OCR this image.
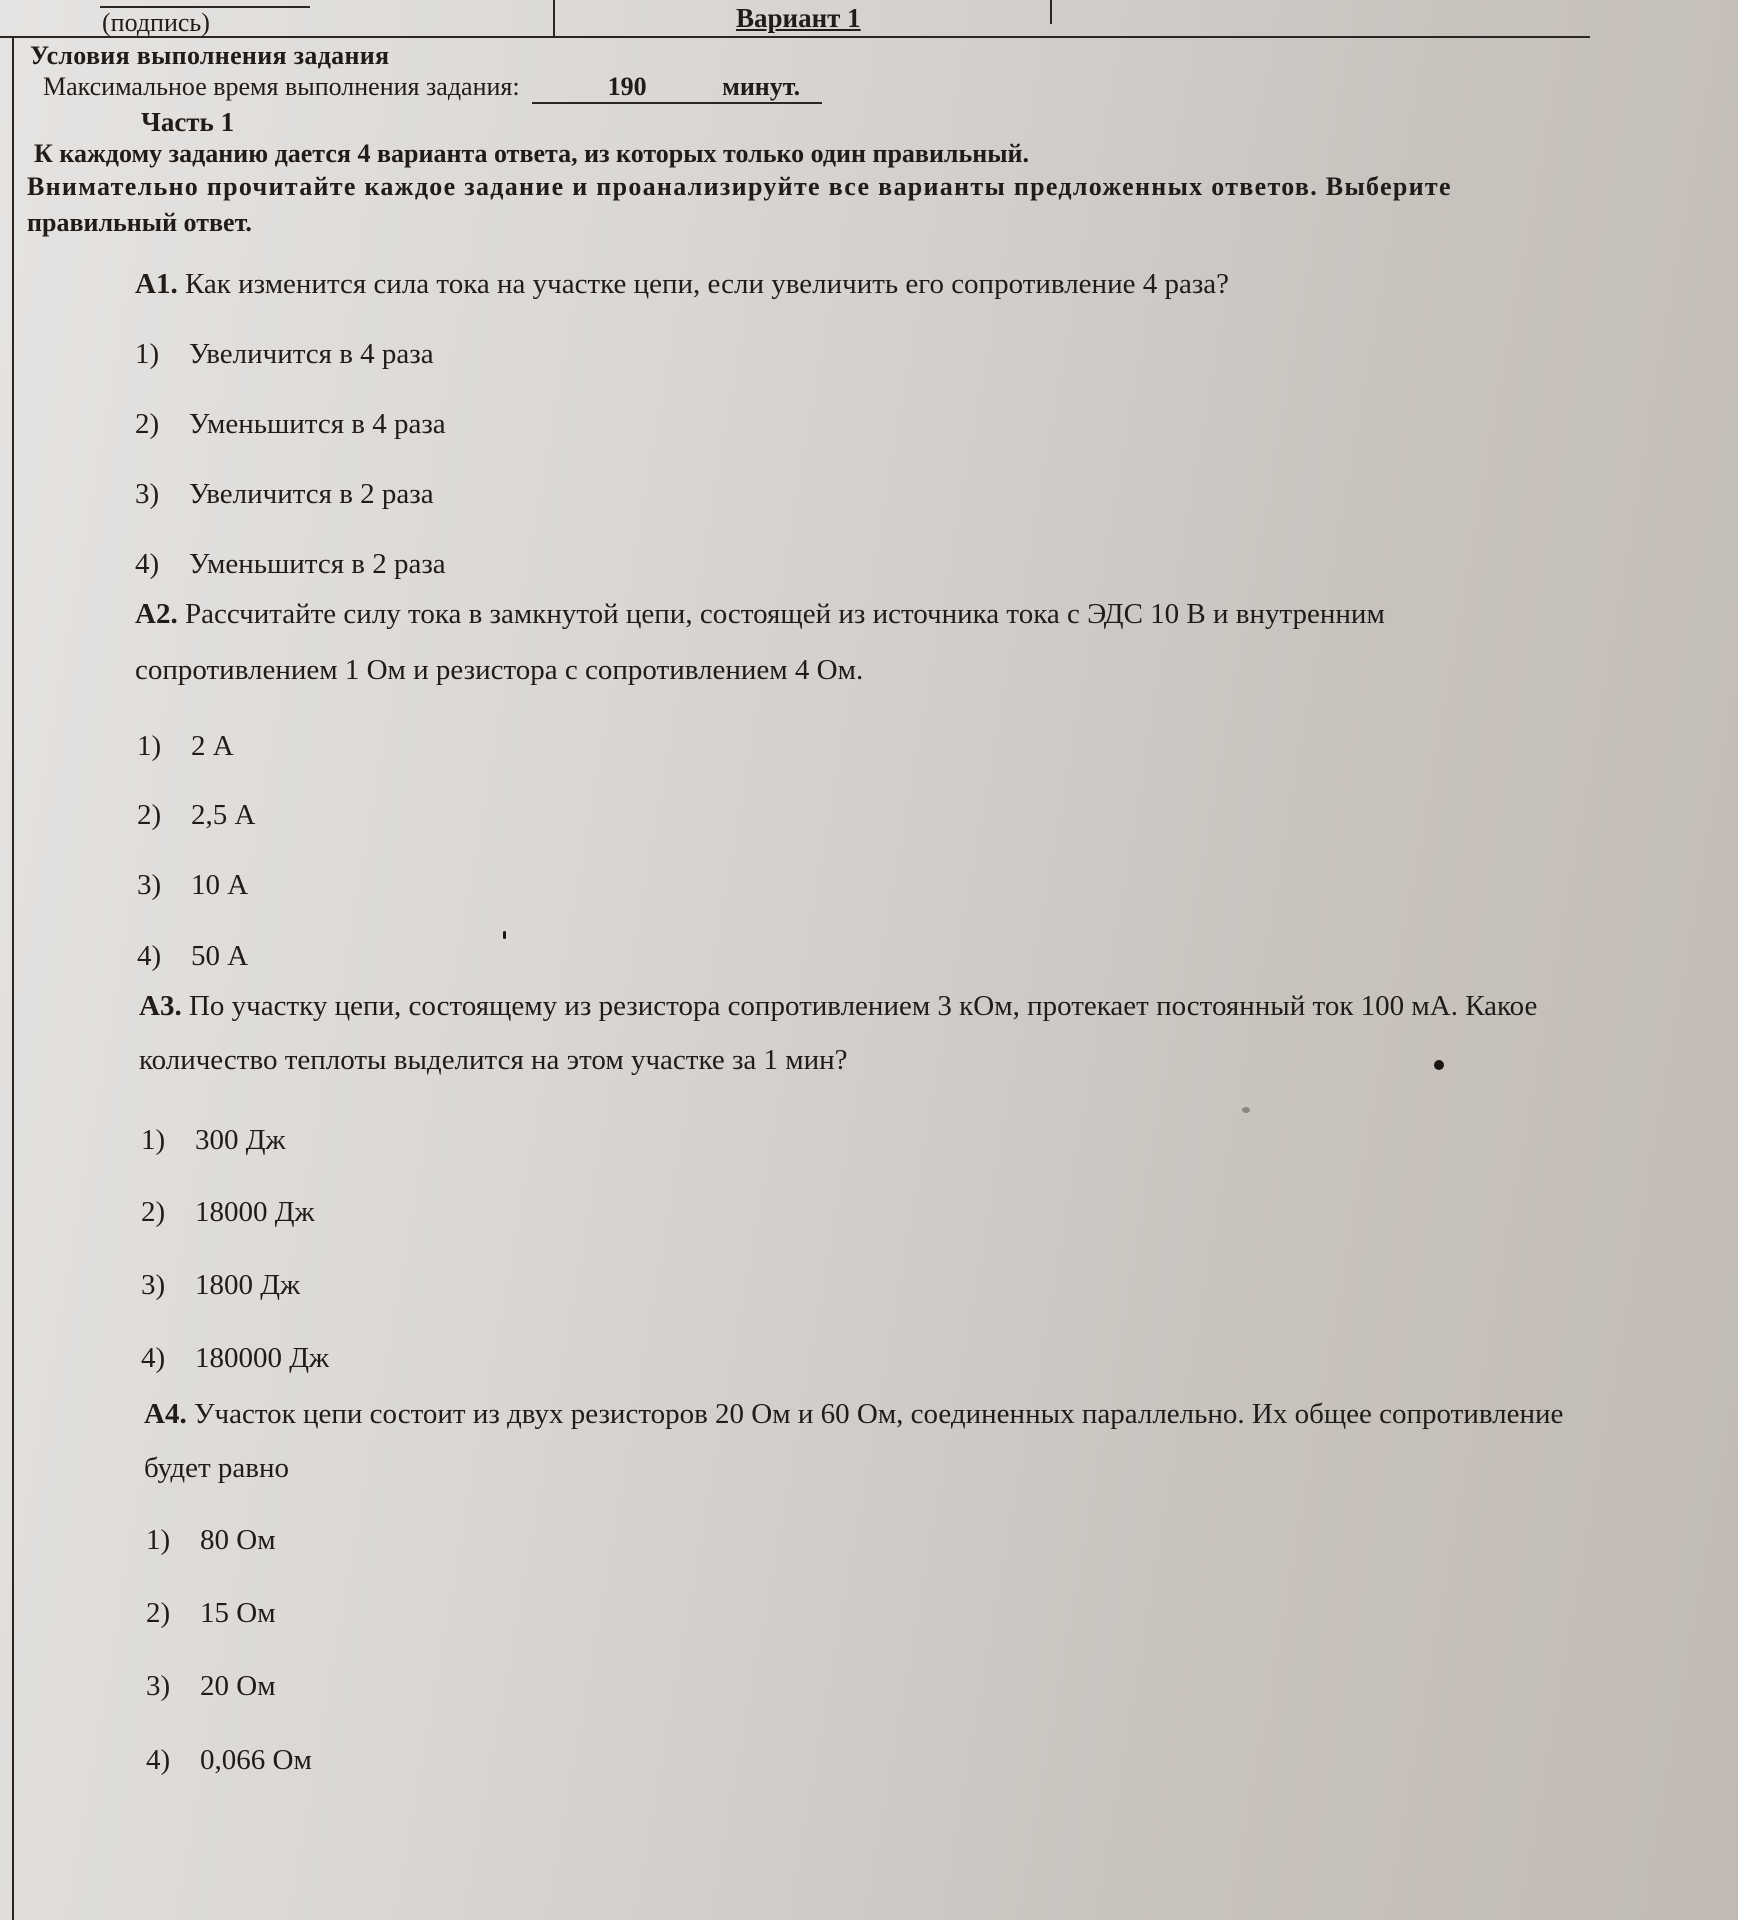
(подпись)	Вариант 1
Условия выполнения задания
Максимальное время выполнения задания:	190	минут.
Часть 1
К каждому заданию дается 4 варианта ответа, из которых только один правильный.
Внимательно прочитайте каждое задание и проанализируйте все варианты предложенных ответов. Выберите
правильный ответ.
A1. Как изменится сила тока на участке цепи, если увеличить его сопротивление 4 раза?
1) Увеличится в 4 раза
2) Уменьшится в 4 раза
3) Увеличится в 2 раза
4) Уменьшится в 2 раза
А2. Рассчитайте силу тока в замкнутой цепи, состоящей из источника тока с ЭДС 10 В и внутренним
сопротивлением 1 Ом и резистора с сопротивлением 4 Ом.
1) 2 А
2) 2,5 А
3) 10 А
4) 50 А
А3. По участку цепи, состоящему из резистора сопротивлением 3 кОм, протекает постоянный ток 100 мА. Какое
количество теплоты выделится на этом участке за 1 мин?
1) 300 Дж
2) 18000 Дж
3) 1800 Дж
4) 180000 Дж
А4. Участок цепи состоит из двух резисторов 20 Ом и 60 Ом, соединенных параллельно. Их общее сопротивление
будет равно
1) 80 Ом
2) 15 Ом
3) 20 Ом
4) 0,066 Ом
